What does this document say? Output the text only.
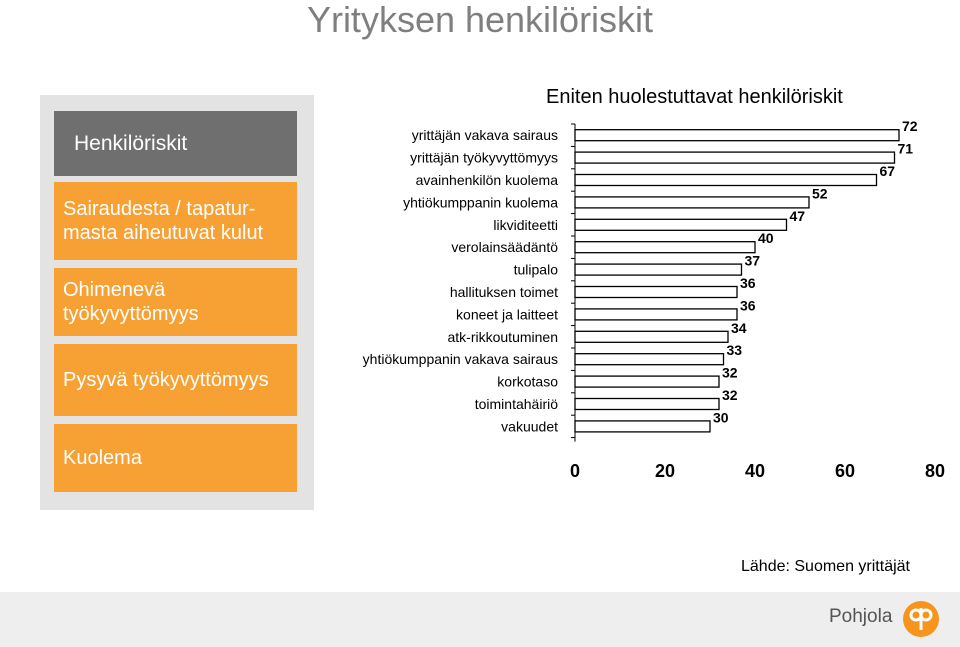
Yrityksen henkilöriskit
Henkilöriskit
Sairaudesta / tapatur-
masta aiheutuvat kulut
Ohimenevä
työkyvyttömyys
Pysyvä työkyvyttömyys
Kuolema
Eniten huolestuttavat henkilöriskit
yrittäjän vakava sairaus
72
yrittäjän työkyvyttömyys
71
avainhenkilön kuolema
67
yhtiökumppanin kuolema
52
likviditeetti
47
verolainsäädäntö
40
tulipalo
37
hallituksen toimet
36
koneet ja laitteet
36
atk-rikkoutuminen
34
yhtiökumppanin vakava sairaus
33
korkotaso
32
toimintahäiriö
32
vakuudet
30
0	20	40	60	80
Lähde: Suomen yrittäjät
Pohjola
